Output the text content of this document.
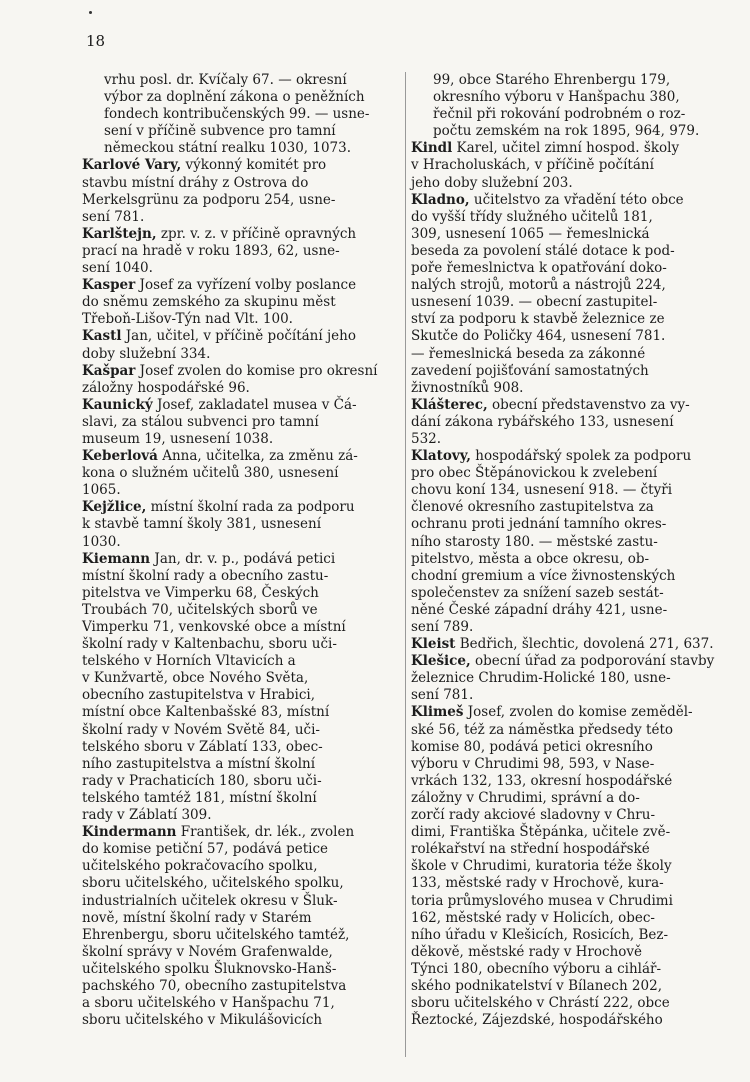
18

vrhu posl. dr. Kvíčaly 67. — okresní
výbor za doplnění zákona o peněžních
fondech kontribučenských 99. — usne-
sení v příčině subvence pro tamní
německou státní realku 1030, 1073.

Karlové Vary, výkonný komitét pro
stavbu místní dráhy z Ostrova do
Merkelsgrünu za podporu 254, usne-
sení 781.

Karlštejn, zpr. v. z. v příčině opravných
prací na hradě v roku 1893, 62, usne-
sení 1040.

Kasper Josef za vyřízení volby poslance
do sněmu zemského za skupinu měst
Třeboň-Lišov-Týn nad Vlt. 100.

Kastl Jan, učitel, v příčině počítání jeho
doby služební 334.

Kašpar Josef zvolen do komise pro okresní
záložny hospodářské 96.

Kaunický Josef, zakladatel musea v Čá-
slavi, za stálou subvenci pro tamní
museum 19, usnesení 1038.

Keberlová Anna, učitelka, za změnu zá-
kona o služném učitelů 380, usnesení
1065.

Kejžlice, místní školní rada za podporu
k stavbě tamní školy 381, usnesení
1030.

Kiemann Jan, dr. v. p., podává petici
místní školní rady a obecního zastu-
pitelstva ve Vimperku 68, Českých
Troubách 70, učitelských sborů ve
Vimperku 71, venkovské obce a místní
školní rady v Kaltenbachu, sboru uči-
telského v Horních Vltavicích a
v Kunžvartě, obce Nového Světa,
obecního zastupitelstva v Hrabici,
místní obce Kaltenbašské 83, místní
školní rady v Novém Světě 84, uči-
telského sboru v Záblatí 133, obec-
ního zastupitelstva a místní školní
rady v Prachaticích 180, sboru uči-
telského tamtéž 181, místní školní
rady v Záblatí 309.

Kindermann František, dr. lék., zvolen
do komise petiční 57, podává petice
učitelského pokračovacího spolku,
sboru učitelského, učitelského spolku,
industrialních učitelek okresu v Šluk-
nově, místní školní rady v Starém
Ehrenbergu, sboru učitelského tamtéž,
školní správy v Novém Grafenwalde,
učitelského spolku Šluknovsko-Hanš-
pachského 70, obecního zastupitelstva
a sboru učitelského v Hanšpachu 71,
sboru učitelského v Mikulášovicích

99, obce Starého Ehrenbergu 179,
okresního výboru v Hanšpachu 380,
řečnil při rokování podrobném o roz-
počtu zemském na rok 1895, 964, 979.

Kindl Karel, učitel zimní hospod. školy
v Hracholuskách, v příčině počítání
jeho doby služební 203.

Kladno, učitelstvo za vřadění této obce
do vyšší třídy služného učitelů 181,
309, usnesení 1065 — řemeslnická
beseda za povolení stálé dotace k pod-
poře řemeslnictva k opatřování doko-
nalých strojů, motorů a nástrojů 224,
usnesení 1039. — obecní zastupitel-
ství za podporu k stavbě železnice ze
Skutče do Poličky 464, usnesení 781.
— řemeslnická beseda za zákonné
zavedení pojišťování samostatných
živnostníků 908.

Klášterec, obecní představenstvo za vy-
dání zákona rybářského 133, usnesení
532.

Klatovy, hospodářský spolek za podporu
pro obec Štěpánovickou k zvelebení
chovu koní 134, usnesení 918. — čtyři
členové okresního zastupitelstva za
ochranu proti jednání tamního okres-
ního starosty 180. — městské zastu-
pitelstvo, města a obce okresu, ob-
chodní gremium a více živnostenských
společenstev za snížení sazeb sestát-
něné České západní dráhy 421, usne-
sení 789.

Kleist Bedřich, šlechtic, dovolená 271, 637.

Klešice, obecní úřad za podporování stavby
železnice Chrudim-Holické 180, usne-
sení 781.

Klimeš Josef, zvolen do komise zeměděl-
ské 56, též za náměstka předsedy této
komise 80, podává petici okresního
výboru v Chrudimi 98, 593, v Nase-
vrkách 132, 133, okresní hospodářské
záložny v Chrudimi, správní a do-
zorčí rady akciové sladovny v Chru-
dimi, Františka Štěpánka, učitele zvě-
rolékařství na střední hospodářské
škole v Chrudimi, kuratoria téže školy
133, městské rady v Hrochově, kura-
toria průmyslového musea v Chrudimi
162, městské rady v Holicích, obec-
ního úřadu v Klešicích, Rosicích, Bez-
děkově, městské rady v Hrochově
Týnci 180, obecního výboru a cihlář-
ského podnikatelství v Bílanech 202,
sboru učitelského v Chrástí 222, obce
Řeztocké, Zájezdské, hospodářského
